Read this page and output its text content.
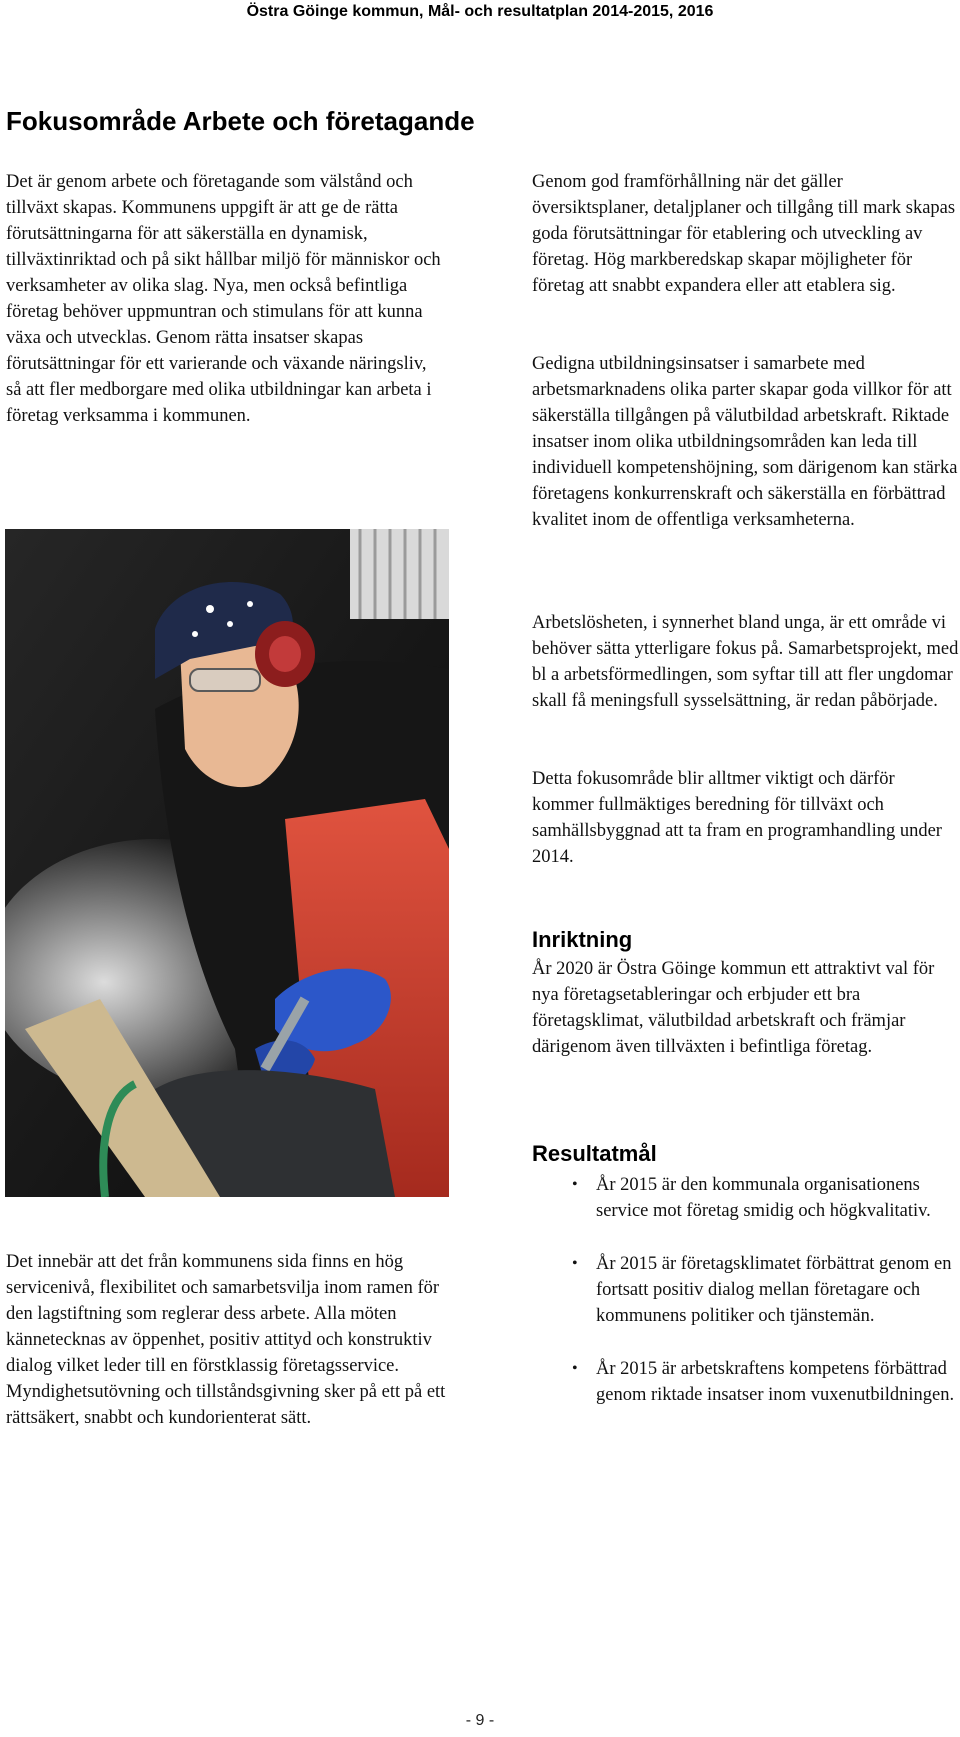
Östra Göinge kommun, Mål- och resultatplan 2014-2015, 2016
Fokusområde Arbete och företagande

Det är genom arbete och företagande som välstånd och tillväxt skapas. Kommunens uppgift är att ge de rätta förutsättningarna för att säkerställa en dynamisk, tillväxtinriktad och på sikt hållbar miljö för människor och verksamheter av olika slag. Nya, men också befintliga företag behöver uppmuntran och stimulans för att kunna växa och utvecklas. Genom rätta insatser skapas förutsättningar för ett varierande och växande näringsliv, så att fler medborgare med olika utbildningar kan arbeta i företag verksamma i kommunen.

Det innebär att det från kommunens sida finns en hög servicenivå, flexibilitet och samarbetsvilja inom ramen för den lagstiftning som reglerar dess arbete. Alla möten kännetecknas av öppenhet, positiv attityd och konstruktiv dialog vilket leder till en förstklassig företagsservice. Myndighetsutövning och tillståndsgivning sker på ett på ett rättsäkert, snabbt och kundorienterat sätt.

Genom god framförhållning när det gäller översiktsplaner, detaljplaner och tillgång till mark skapas goda förutsättningar för etablering och utveckling av företag. Hög markberedskap skapar möjligheter för företag att snabbt expandera eller att etablera sig.

Gedigna utbildningsinsatser i samarbete med arbetsmarknadens olika parter skapar goda villkor för att säkerställa tillgången på välutbildad arbetskraft. Riktade insatser inom olika utbildningsområden kan leda till individuell kompetenshöjning, som därigenom kan stärka företagens konkurrenskraft och säkerställa en förbättrad kvalitet inom de offentliga verksamheterna.

Arbetslösheten, i synnerhet bland unga, är ett område vi behöver sätta ytterligare fokus på. Samarbetsprojekt, med bl a arbetsförmedlingen, som syftar till att fler ungdomar skall få meningsfull sysselsättning, är redan påbörjade.

Detta fokusområde blir alltmer viktigt och därför kommer fullmäktiges beredning för tillväxt och samhällsbyggnad att ta fram en programhandling under 2014.

Inriktning

År 2020 är Östra Göinge kommun ett attraktivt val för nya företagsetableringar och erbjuder ett bra företagsklimat, välutbildad arbetskraft och främjar därigenom även tillväxten i befintliga företag.

Resultatmål
• År 2015 är den kommunala organisationens service mot företag smidig och högkvalitativ.
• År 2015 är företagsklimatet förbättrat genom en fortsatt positiv dialog mellan företagare och kommunens politiker och tjänstemän.
• År 2015 är arbetskraftens kompetens förbättrad genom riktade insatser inom vuxenutbildningen.
- 9 -
